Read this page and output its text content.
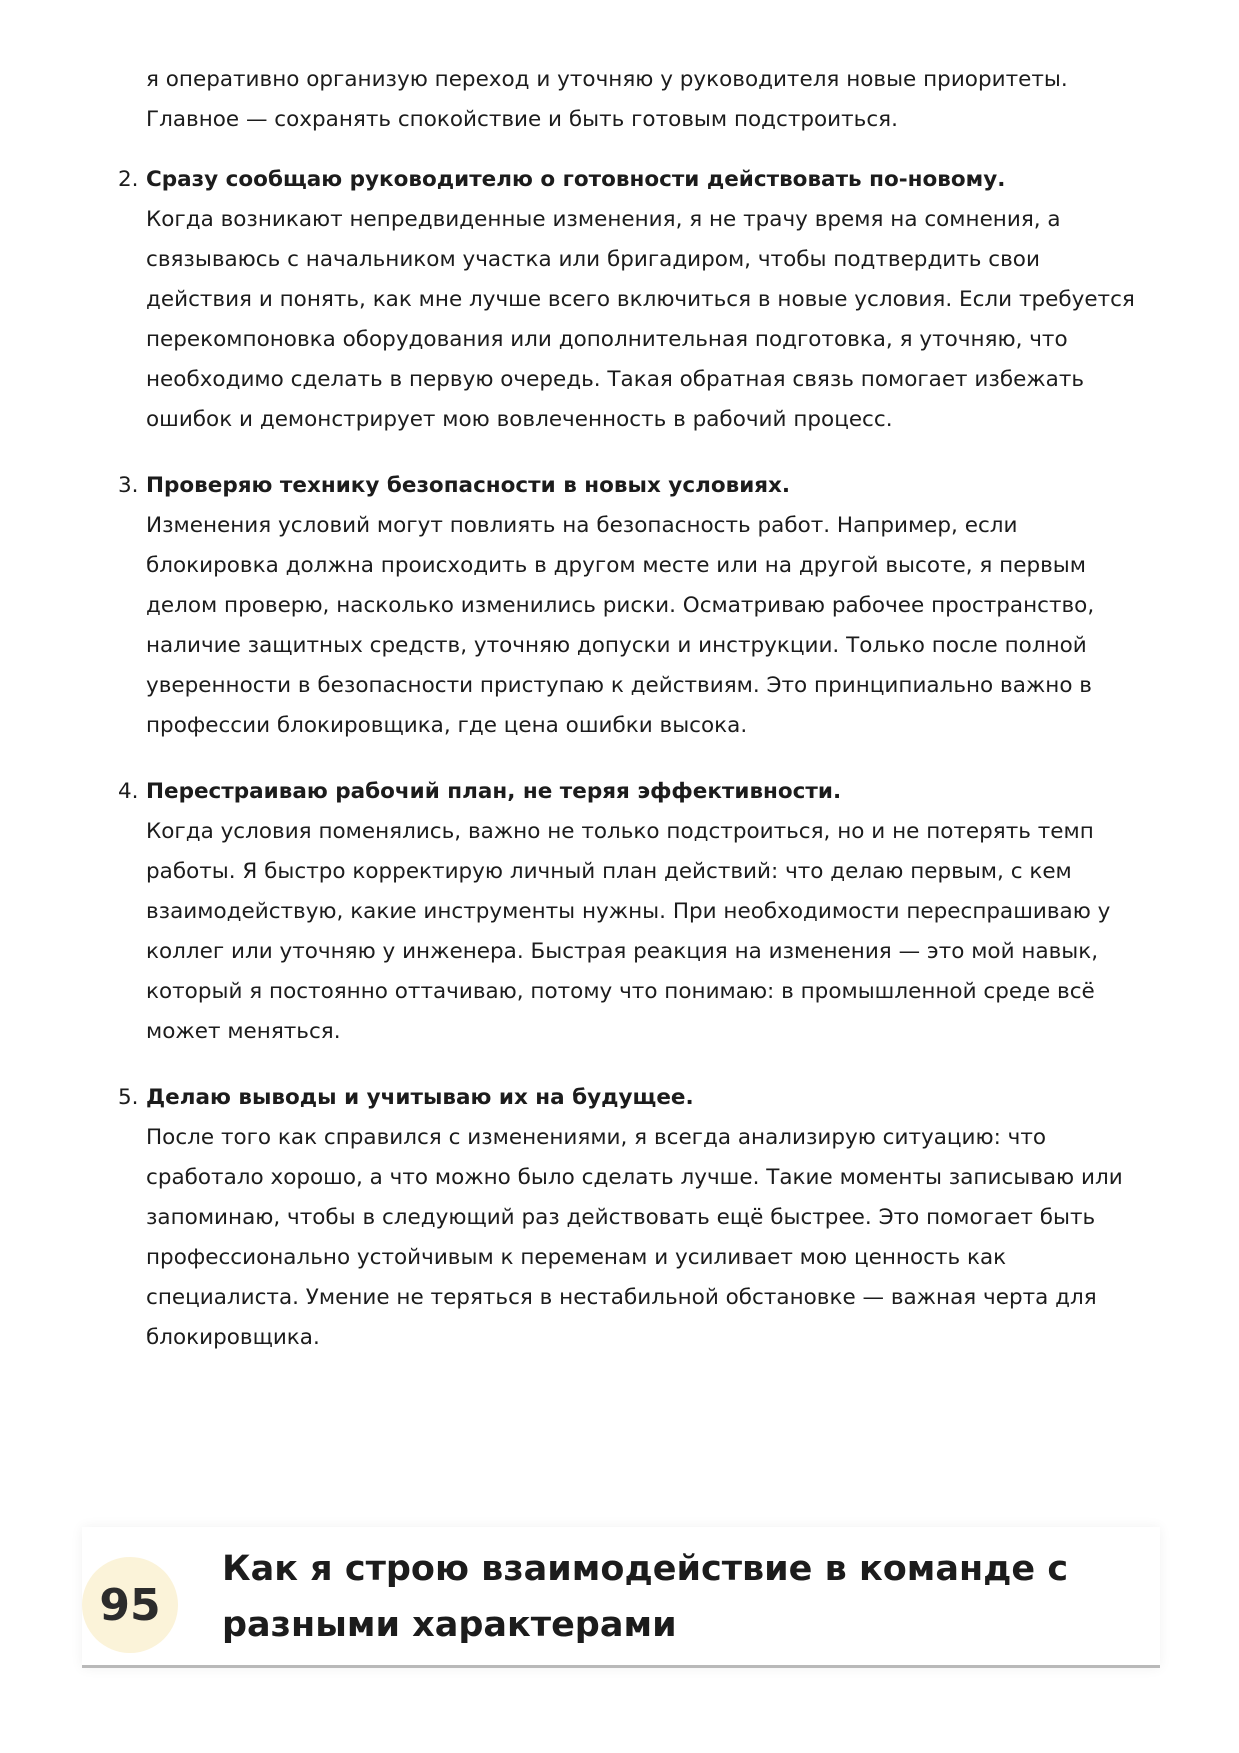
я оперативно организую переход и уточняю у руководителя новые приоритеты. Главное — сохранять спокойствие и быть готовым подстроиться.

2. Сразу сообщаю руководителю о готовности действовать по-новому.

Когда возникают непредвиденные изменения, я не трачу время на сомнения, а связываюсь с начальником участка или бригадиром, чтобы подтвердить свои действия и понять, как мне лучше всего включиться в новые условия. Если требуется перекомпоновка оборудования или дополнительная подготовка, я уточняю, что необходимо сделать в первую очередь. Такая обратная связь помогает избежать ошибок и демонстрирует мою вовлеченность в рабочий процесс.

3. Проверяю технику безопасности в новых условиях.

Изменения условий могут повлиять на безопасность работ. Например, если блокировка должна происходить в другом месте или на другой высоте, я первым делом проверю, насколько изменились риски. Осматриваю рабочее пространство, наличие защитных средств, уточняю допуски и инструкции. Только после полной уверенности в безопасности приступаю к действиям. Это принципиально важно в профессии блокировщика, где цена ошибки высока.

4. Перестраиваю рабочий план, не теряя эффективности.

Когда условия поменялись, важно не только подстроиться, но и не потерять темп работы. Я быстро корректирую личный план действий: что делаю первым, с кем взаимодействую, какие инструменты нужны. При необходимости переспрашиваю у коллег или уточняю у инженера. Быстрая реакция на изменения — это мой навык, который я постоянно оттачиваю, потому что понимаю: в промышленной среде всё может меняться.

5. Делаю выводы и учитываю их на будущее.

После того как справился с изменениями, я всегда анализирую ситуацию: что сработало хорошо, а что можно было сделать лучше. Такие моменты записываю или запоминаю, чтобы в следующий раз действовать ещё быстрее. Это помогает быть профессионально устойчивым к переменам и усиливает мою ценность как специалиста. Умение не теряться в нестабильной обстановке — важная черта для блокировщика.

95
Как я строю взаимодействие в команде с разными характерами
